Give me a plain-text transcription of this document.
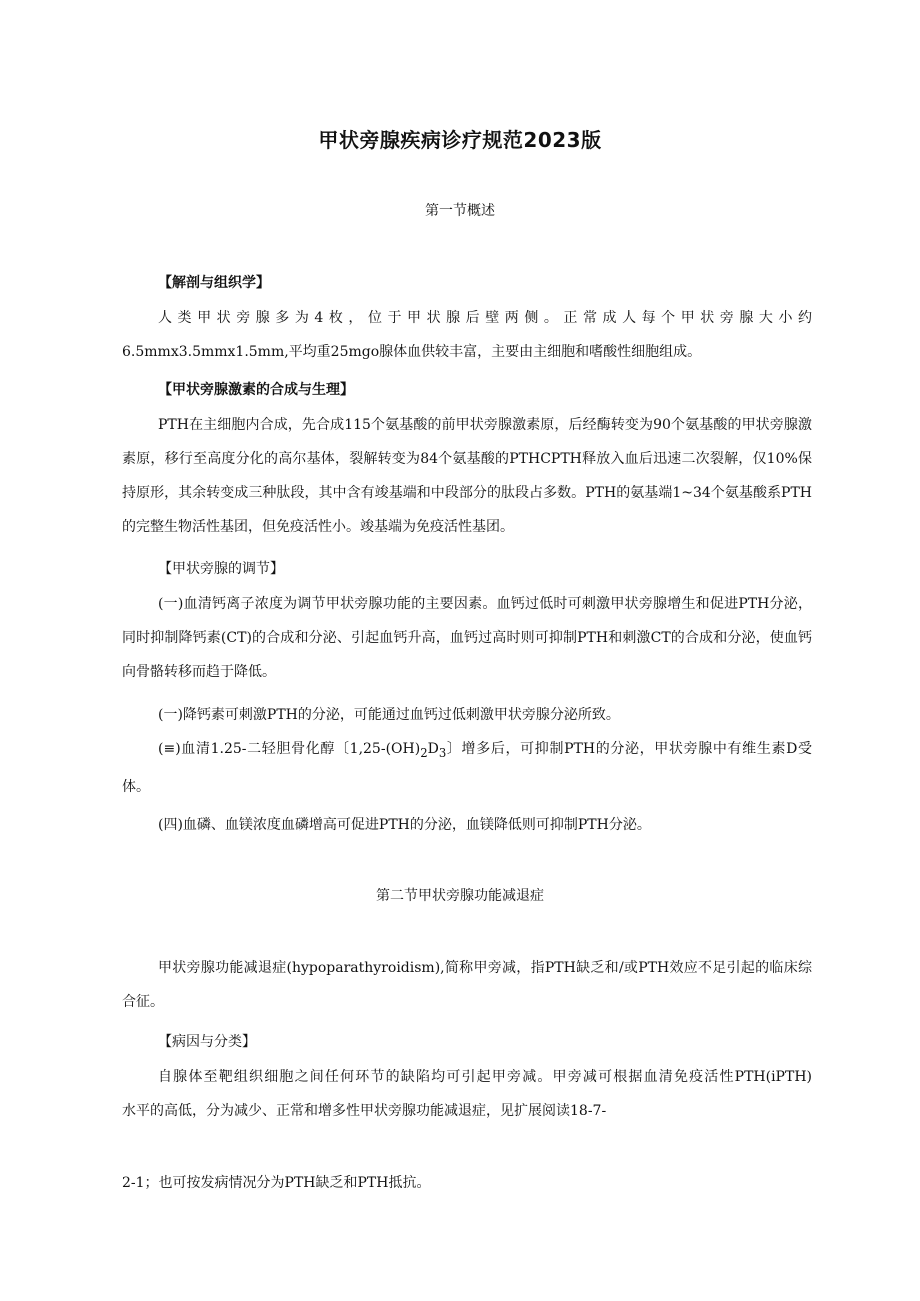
甲状旁腺疾病诊疗规范2023版
第一节概述
【解剖与组织学】
人类甲状旁腺多为4枚，位于甲状腺后壁两侧。正常成人每个甲状旁腺大小约
6.5mmx3.5mmx1.5mm,平均重25mgo腺体血供较丰富，主要由主细胞和嗜酸性细胞组成。
【甲状旁腺激素的合成与生理】
PTH在主细胞内合成，先合成115个氨基酸的前甲状旁腺激素原，后经酶转变为90个氨基酸的甲状旁腺激素原，移行至高度分化的高尔基体，裂解转变为84个氨基酸的PTHCPTH释放入血后迅速二次裂解，仅10%保持原形，其余转变成三种肽段，其中含有竣基端和中段部分的肽段占多数。PTH的氨基端1~34个氨基酸系PTH的完整生物活性基团，但免疫活性小。竣基端为免疫活性基团。
【甲状旁腺的调节】
(一)血清钙离子浓度为调节甲状旁腺功能的主要因素。血钙过低时可刺激甲状旁腺增生和促进PTH分泌，同时抑制降钙素(CT)的合成和分泌、引起血钙升高，血钙过高时则可抑制PTH和刺激CT的合成和分泌，使血钙向骨骼转移而趋于降低。
(一)降钙素可刺激PTH的分泌，可能通过血钙过低刺激甲状旁腺分泌所致。
(≡)血清1.25-二轻胆骨化醇〔$1,25-(OH)_2D_3$〕增多后，可抑制PTH的分泌，甲状旁腺中有维生素D受体。
(四)血磷、血镁浓度血磷增高可促进PTH的分泌，血镁降低则可抑制PTH分泌。
第二节甲状旁腺功能减退症
甲状旁腺功能减退症(hypoparathyroidism),简称甲旁减，指PTH缺乏和/或PTH效应不足引起的临床综合征。
【病因与分类】
自腺体至靶组织细胞之间任何环节的缺陷均可引起甲旁减。甲旁减可根据血清免疫活性PTH(iPTH)
水平的高低，分为减少、正常和增多性甲状旁腺功能减退症，见扩展阅读18-7-
2-1；也可按发病情况分为PTH缺乏和PTH抵抗。
